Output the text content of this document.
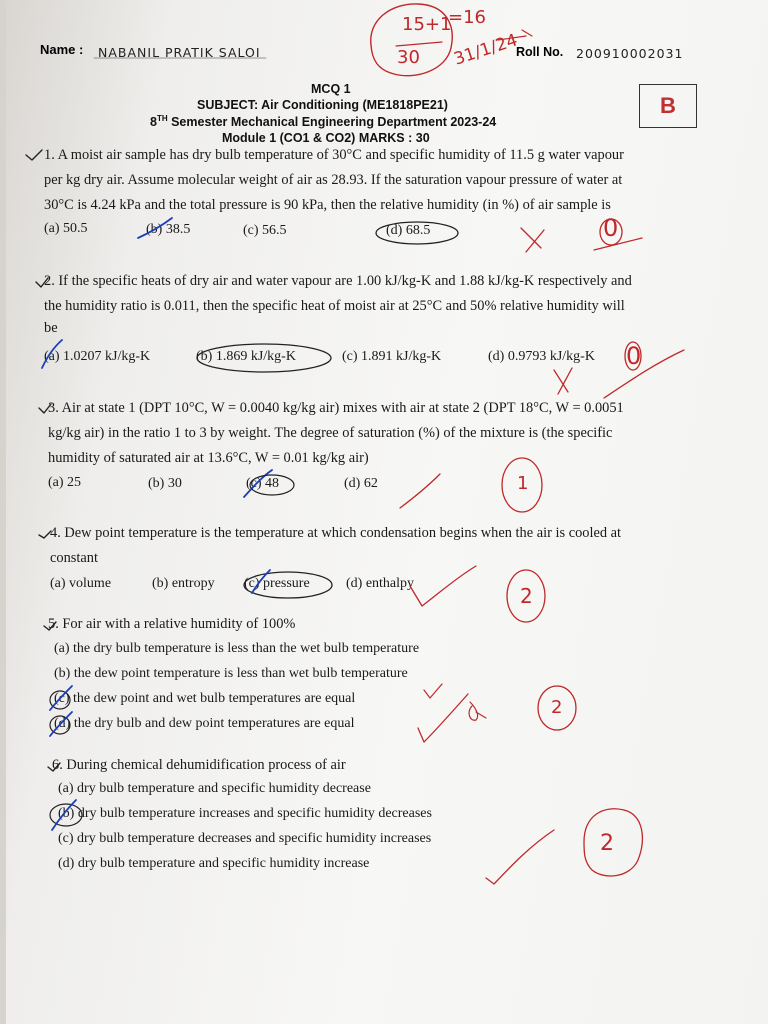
Name : NABANIL PRATIK SALOI	Roll No. 200910002031
MCQ 1
SUBJECT: Air Conditioning (ME1818PE21)
8TH Semester Mechanical Engineering Department 2023-24
Module 1 (CO1 & CO2) MARKS : 30
B
15+1
30
=16
31/1/24
1. A moist air sample has dry bulb temperature of 30°C and specific humidity of 11.5 g water vapour
per kg dry air. Assume molecular weight of air as 28.93. If the saturation vapour pressure of water at
30°C is 4.24 kPa and the total pressure is 90 kPa, then the relative humidity (in %) of air sample is
(a) 50.5	(b) 38.5	(c) 56.5	(d) 68.5
2. If the specific heats of dry air and water vapour are 1.00 kJ/kg-K and 1.88 kJ/kg-K respectively and
the humidity ratio is 0.011, then the specific heat of moist air at 25°C and 50% relative humidity will
be
(a) 1.0207 kJ/kg-K	(b) 1.869 kJ/kg-K	(c) 1.891 kJ/kg-K	(d) 0.9793 kJ/kg-K
3. Air at state 1 (DPT 10°C, W = 0.0040 kg/kg air) mixes with air at state 2 (DPT 18°C, W = 0.0051
kg/kg air) in the ratio 1 to 3 by weight. The degree of saturation (%) of the mixture is (the specific
humidity of saturated air at 13.6°C, W = 0.01 kg/kg air)
(a) 25	(b) 30	(c) 48	(d) 62
4. Dew point temperature is the temperature at which condensation begins when the air is cooled at
constant
(a) volume	(b) entropy (c) pressure	(d) enthalpy
5. For air with a relative humidity of 100%
(a) the dry bulb temperature is less than the wet bulb temperature
(b) the dew point temperature is less than wet bulb temperature
(c) the dew point and wet bulb temperatures are equal
(d) the dry bulb and dew point temperatures are equal
6. During chemical dehumidification process of air
(a) dry bulb temperature and specific humidity decrease
(b) dry bulb temperature increases and specific humidity decreases
(c) dry bulb temperature decreases and specific humidity increases
(d) dry bulb temperature and specific humidity increase
0
0
1
2
2
2
